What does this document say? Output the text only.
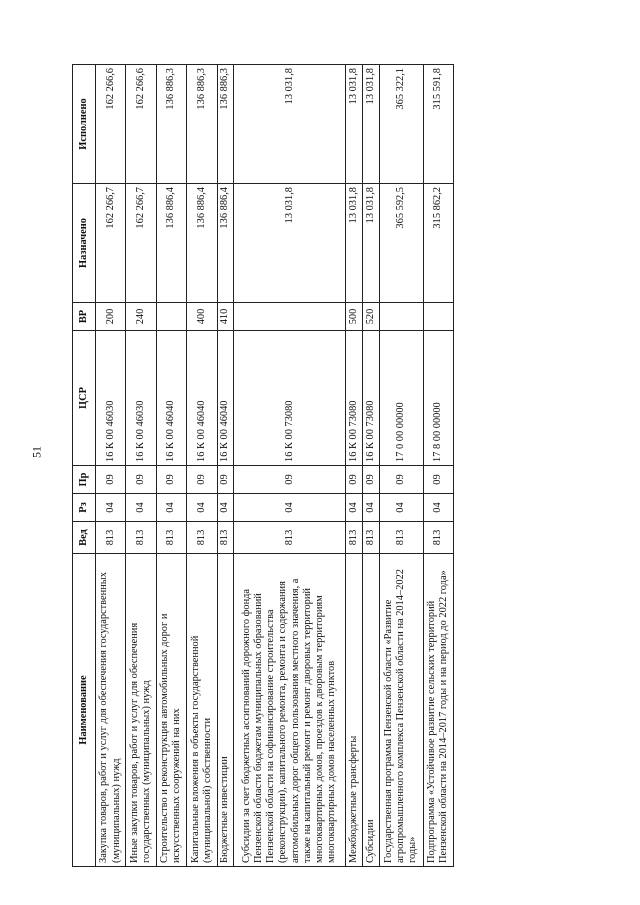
51
Наименование	Вед	Рз	Пр	ЦСР	ВР	Назначено	Исполнено
Закупка товаров, работ и услуг для обеспечения государственных (муниципальных) нужд	813	04	09	16 К 00 46030	200	162 266,7	162 266,6
Иные закупки товаров, работ и услуг для обеспечения государственных (муниципальных) нужд	813	04	09	16 К 00 46030	240	162 266,7	162 266,6
Строительство и реконструкция автомобильных дорог и искусственных сооружений на них	813	04	09	16 К 00 46040		136 886,4	136 886,3
Капитальные вложения в объекты государственной (муниципальной) собственности	813	04	09	16 К 00 46040	400	136 886,4	136 886,3
Бюджетные инвестиции	813	04	09	16 К 00 46040	410	136 886,4	136 886,3
Субсидии за счет бюджетных ассигнований дорожного фонда Пензенской области бюджетам муниципальных образований Пензенской области на софинансирование строительства (реконструкции), капитального ремонта, ремонта и содержания автомобильных дорог общего пользования местного значения, а также на капитальный ремонт и ремонт дворовых территорий многоквартирных домов, проездов к дворовым территориям многоквартирных домов населенных пунктов	813	04	09	16 К 00 73080		13 031,8	13 031,8
Межбюджетные трансферты	813	04	09	16 К 00 73080	500	13 031,8	13 031,8
Субсидии	813	04	09	16 К 00 73080	520	13 031,8	13 031,8
Государственная программа Пензенской области «Развитие агропромышленного комплекса Пензенской области на 2014–2022 годы»	813	04	09	17 0 00 00000		365 592,5	365 322,1
Подпрограмма «Устойчивое развитие сельских территорий Пензенской области на 2014–2017 годы и на период до 2022 года»	813	04	09	17 8 00 00000		315 862,2	315 591,8
